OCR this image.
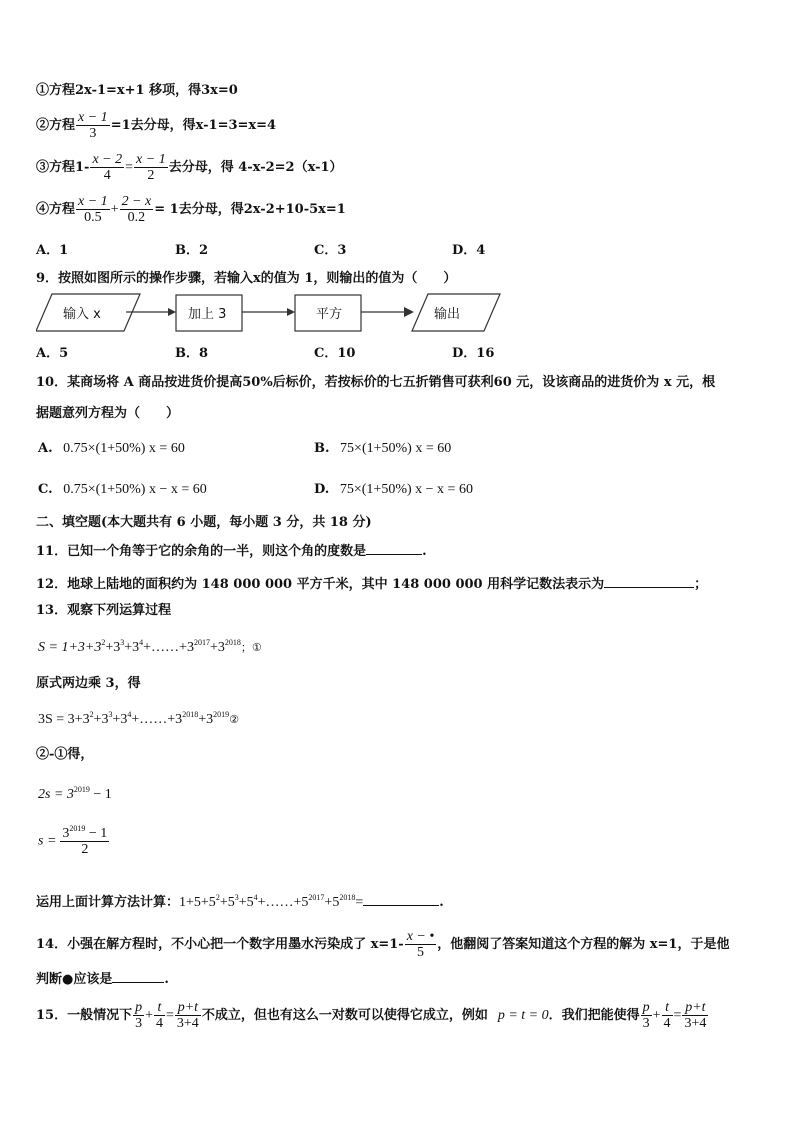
①方程2x-1=x+1 移项，得3x=0
②方程 $\frac{x - 1}{3} =1$去分母，得x-1=3=x=4
③方程$1- \frac{x - 2}{4} = \frac{x - 1}{2}$ 去分母，得 4-x-2=2（x-1）
④方程 $\frac{x - 1}{0.5} + \frac{2 - x}{0.2} = 1$去分母，得2x-2+10-5x=1
A．1	B．2	C．3	D．4
9．按照如图所示的操作步骤，若输入x的值为 1，则输出的值为（　　）
输入 x	加上 3	平方	输出
A．5	B．8	C．10	D．16
10．某商场将 A 商品按进货价提高50%后标价，若按标价的七五折销售可获利60 元，设该商品的进货价为 x 元，根
据题意列方程为（　　）
A. 0.75×(1+50%) x = 60	B. 75×(1+50%) x = 60
C. 0.75×(1+50%) x − x = 60	D. 75×(1+50%) x − x = 60
二、填空题(本大题共有 6 小题，每小题 3 分，共 18 分)
11．已知一个角等于它的余角的一半，则这个角的度数是	.
12．地球上陆地的面积约为 148 000 000 平方千米，其中 148 000 000 用科学记数法表示为	；
13．观察下列运算过程
$S = 1+3+3^2+3^3+3^4+\dots\dots+3^{2017}+3^{2018}$；①
原式两边乘 3，得
$3S = 3+3^2+3^3+3^4+\dots\dots+3^{2018}+3^{2019}②$
②-①得，
$2s = 3^{2019} - 1$
$s = \frac{3^{2019} - 1}{2}$
运用上面计算方法计算：$1+5+5^2+5^3+5^4+\dots\dots+5^{2017}+5^{2018}=$	.
14．小强在解方程时，不小心把一个数字用墨水污染成了 $x=1- \frac{x - •}{5}$ ，他翻阅了答案知道这个方程的解为 x=1，于是他
判断●应该是	.
15．一般情况下 $\frac{p}{3} + \frac{t}{4} = \frac{p+t}{3+4}$ 不成立，但也有这么一对数可以使得它成立，例如 p = t = 0．我们把能使得 $\frac{p}{3} + \frac{t}{4} = \frac{p+t}{3+4}$
